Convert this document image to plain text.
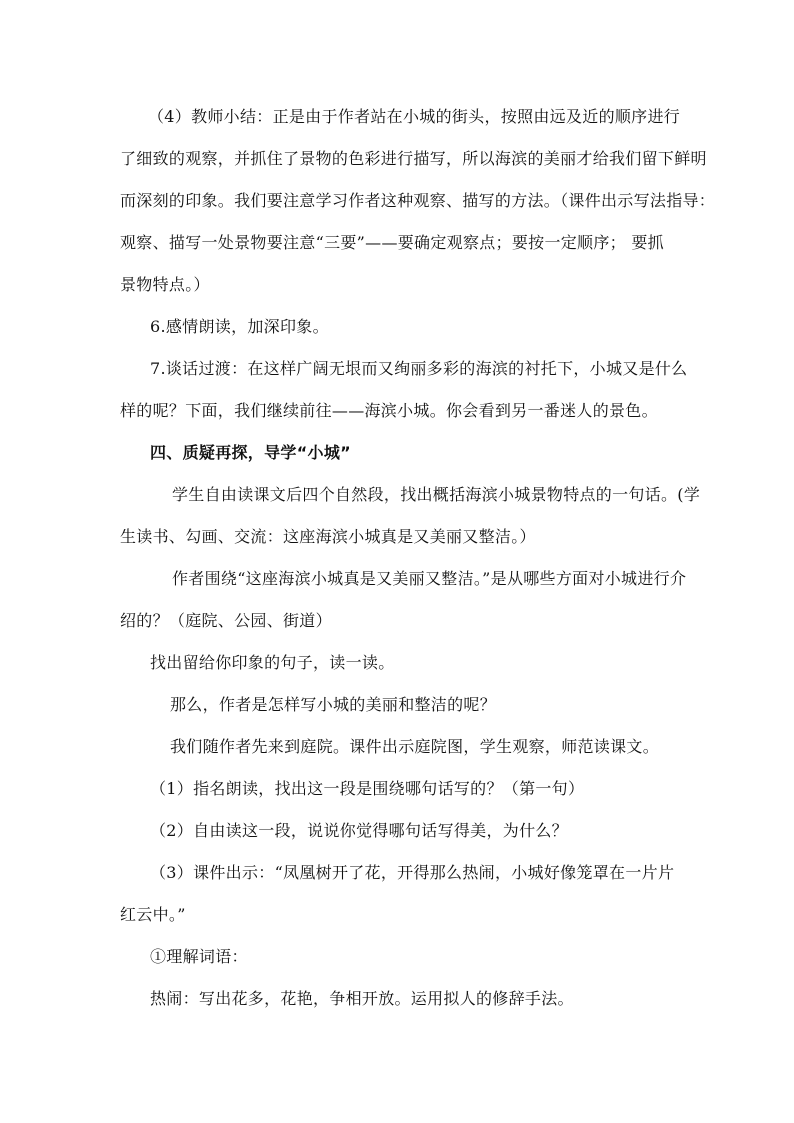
（4）教师小结：正是由于作者站在小城的街头，按照由远及近的顺序进行
了细致的观察，并抓住了景物的色彩进行描写，所以海滨的美丽才给我们留下鲜明
而深刻的印象。我们要注意学习作者这种观察、描写的方法。（课件出示写法指导：
观察、描写一处景物要注意“三要”——要确定观察点；要按一定顺序； 要抓
景物特点。）
6.感情朗读，加深印象。
7.谈话过渡：在这样广阔无垠而又绚丽多彩的海滨的衬托下，小城又是什么
样的呢？下面，我们继续前往——海滨小城。你会看到另一番迷人的景色。
四、质疑再探，导学“小城”
学生自由读课文后四个自然段，找出概括海滨小城景物特点的一句话。(学
生读书、勾画、交流：这座海滨小城真是又美丽又整洁。）
作者围绕“这座海滨小城真是又美丽又整洁。”是从哪些方面对小城进行介
绍的？（庭院、公园、街道）
找出留给你印象的句子，读一读。
那么，作者是怎样写小城的美丽和整洁的呢？
我们随作者先来到庭院。课件出示庭院图，学生观察，师范读课文。
（1）指名朗读，找出这一段是围绕哪句话写的？（第一句）
（2）自由读这一段，说说你觉得哪句话写得美，为什么？
（3）课件出示：“凤凰树开了花，开得那么热闹，小城好像笼罩在一片片
红云中。”
①理解词语：
热闹：写出花多，花艳，争相开放。运用拟人的修辞手法。
